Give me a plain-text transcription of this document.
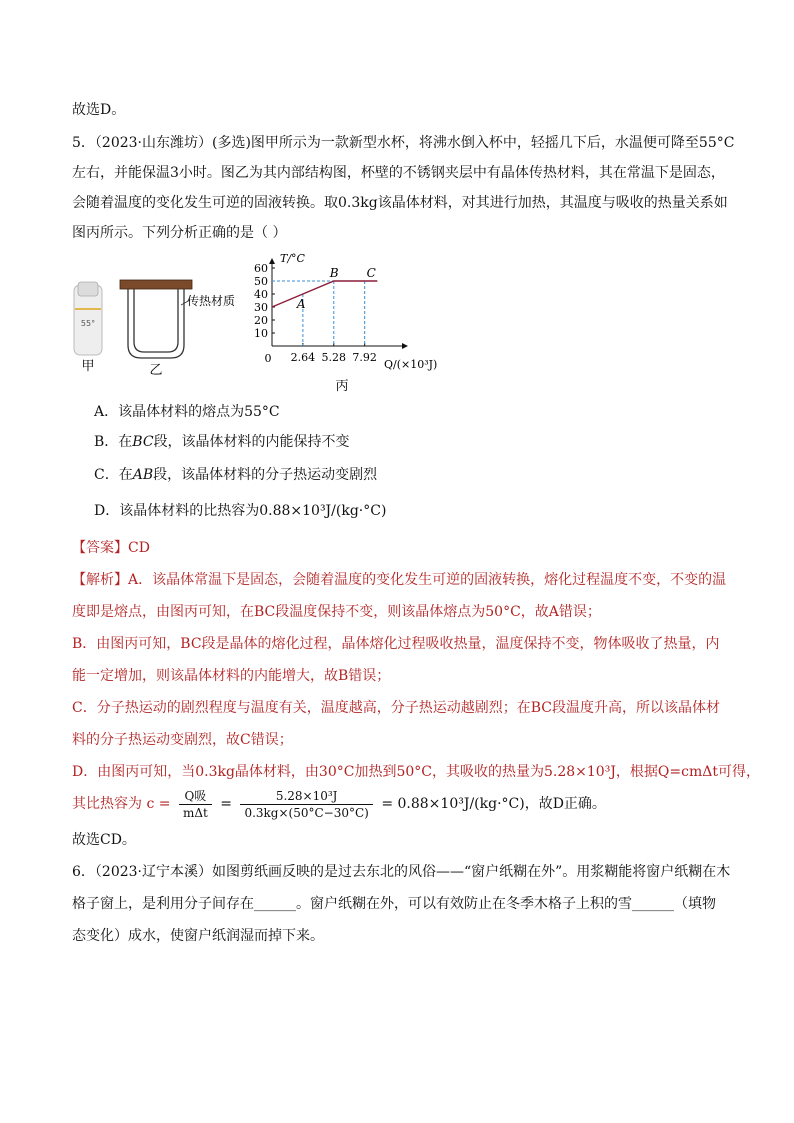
故选D。
5．（2023·山东潍坊）(多选)图甲所示为一款新型水杯，将沸水倒入杯中，轻摇几下后，水温便可降至55°C
左右，并能保温3小时。图乙为其内部结构图，杯壁的不锈钢夹层中有晶体传热材料，其在常温下是固态，
会随着温度的变化发生可逆的固液转换。取0.3kg该晶体材料，对其进行加热，其温度与吸收的热量关系如
图丙所示。下列分析正确的是（ ）
55°
甲
传热材质
乙
T/°C
Q/(×10³J)
0
10
20
30
40
50
60
2.64 5.28 7.92
A
B C
丙
A．该晶体材料的熔点为55°C
B．在BC段，该晶体材料的内能保持不变
C．在AB段，该晶体材料的分子热运动变剧烈
D．该晶体材料的比热容为0.88×10³J/(kg·°C)
【答案】CD
【解析】A．该晶体常温下是固态，会随着温度的变化发生可逆的固液转换，熔化过程温度不变，不变的温
度即是熔点，由图丙可知，在BC段温度保持不变，则该晶体熔点为50°C，故A错误；
B．由图丙可知，BC段是晶体的熔化过程，晶体熔化过程吸收热量，温度保持不变，物体吸收了热量，内
能一定增加，则该晶体材料的内能增大，故B错误；
C．分子热运动的剧烈程度与温度有关，温度越高，分子热运动越剧烈；在BC段温度升高，所以该晶体材
料的分子热运动变剧烈，故C错误；
D．由图丙可知，当0.3kg晶体材料，由30°C加热到50°C，其吸收的热量为5.28×10³J，根据Q=cmΔt可得，
其比热容为 $c = \frac{\text{Q吸}}{\text{mΔt}} = \frac{\text{5.28×10³J}}{0.3kg\times(50^\circ C-30^\circ C)} = 0.88\times 10^3J/(kg\cdot^\circ C)$，故D正确。
故选CD。
6．（2023·辽宁本溪）如图剪纸画反映的是过去东北的风俗——“窗户纸糊在外”。用浆糊能将窗户纸糊在木
格子窗上，是利用分子间存在______。窗户纸糊在外，可以有效防止在冬季木格子上积的雪______（填物
态变化）成水，使窗户纸润湿而掉下来。
